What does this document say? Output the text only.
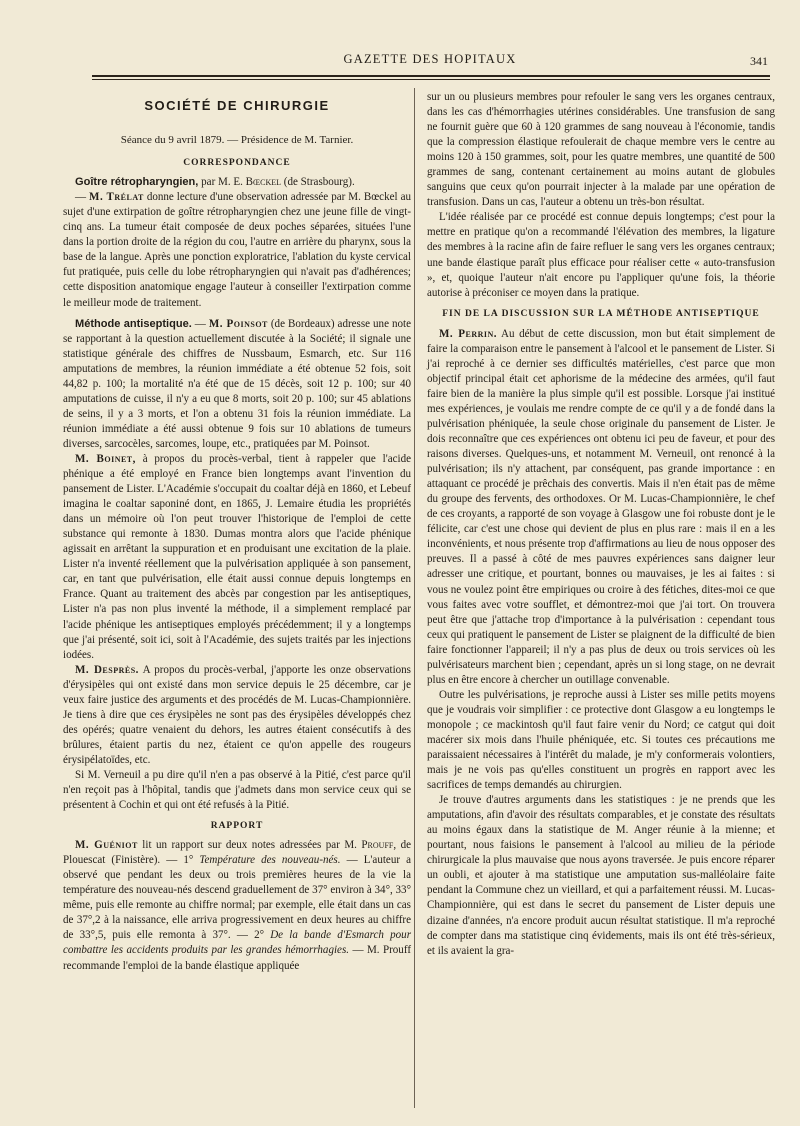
GAZETTE DES HOPITAUX	341
SOCIÉTÉ DE CHIRURGIE
Séance du 9 avril 1879. — Présidence de M. Tarnier.
CORRESPONDANCE

Goître rétropharyngien, par M. E. Bœckel (de Strasbourg).

— M. Trélat donne lecture d'une observation adressée par M. Bœckel au sujet d'une extirpation de goître rétropharyngien chez une jeune fille de vingt-cinq ans. La tumeur était composée de deux poches séparées, situées l'une dans la portion droite de la région du cou, l'autre en arrière du pharynx, sous la base de la langue. Après une ponction exploratrice, l'ablation du kyste cervical fut pratiquée, puis celle du lobe rétropharyngien qui n'avait pas d'adhérences; cette disposition anatomique engage l'auteur à conseiller l'extirpation comme le meilleur mode de traitement.

Méthode antiseptique. — M. Poinsot (de Bordeaux) adresse une note se rapportant à la question actuellement discutée à la Société; il signale une statistique générale des chiffres de Nussbaum, Esmarch, etc. Sur 116 amputations de membres, la réunion immédiate a été obtenue 52 fois, soit 44,82 p. 100; la mortalité n'a été que de 15 décès, soit 12 p. 100; sur 40 amputations de cuisse, il n'y a eu que 8 morts, soit 20 p. 100; sur 45 ablations de seins, il y a 3 morts, et l'on a obtenu 31 fois la réunion immédiate. La réunion immédiate a été aussi obtenue 9 fois sur 10 ablations de tumeurs diverses, sarcocèles, sarcomes, loupe, etc., pratiquées par M. Poinsot.

M. Boinet, à propos du procès-verbal, tient à rappeler que l'acide phénique a été employé en France bien longtemps avant l'invention du pansement de Lister. L'Académie s'occupait du coaltar déjà en 1860, et Lebeuf imagina le coaltar saponiné dont, en 1865, J. Lemaire étudia les propriétés dans un mémoire où l'on peut trouver l'historique de l'emploi de cette substance qui remonte à 1830. Dumas montra alors que l'acide phénique agissait en arrêtant la suppuration et en produisant une excitation de la plaie. Lister n'a inventé réellement que la pulvérisation appliquée à son pansement, car, en tant que pulvérisation, elle était aussi connue depuis longtemps en France. Quant au traitement des abcès par congestion par les antiseptiques, Lister n'a pas non plus inventé la méthode, il a simplement remplacé par l'acide phénique les antiseptiques employés précédemment; il y a longtemps que j'ai présenté, soit ici, soit à l'Académie, des sujets traités par les injections iodées.

M. Desprès. A propos du procès-verbal, j'apporte les onze observations d'érysipèles qui ont existé dans mon service depuis le 25 décembre, car je veux faire justice des arguments et des procédés de M. Lucas-Championnière. Je tiens à dire que ces érysipèles ne sont pas des érysipèles développés chez des opérés; quatre venaient du dehors, les autres étaient consécutifs à des brûlures, étaient partis du nez, étaient ce qu'on appelle des rougeurs érysipélatoïdes, etc.

Si M. Verneuil a pu dire qu'il n'en a pas observé à la Pitié, c'est parce qu'il n'en reçoit pas à l'hôpital, tandis que j'admets dans mon service ceux qui se présentent à Cochin et qui ont été refusés à la Pitié.

RAPPORT

M. Guéniot lit un rapport sur deux notes adressées par M. Prouff, de Plouescat (Finistère). — 1° Température des nouveau-nés. — L'auteur a observé que pendant les deux ou trois premières heures de la vie la température des nouveau-nés descend graduellement de 37° environ à 34°, 33° même, puis elle remonte au chiffre normal; par exemple, elle était dans un cas de 37°,2 à la naissance, elle arriva progressivement en deux heures au chiffre de 33°,5, puis elle remonta à 37°. — 2° De la bande d'Esmarch pour combattre les accidents produits par les grandes hémorrhagies. — M. Prouff recommande l'emploi de la bande élastique appliquée

sur un ou plusieurs membres pour refouler le sang vers les organes centraux, dans les cas d'hémorrhagies utérines considérables. Une transfusion de sang ne fournit guère que 60 à 120 grammes de sang nouveau à l'économie, tandis que la compression élastique refoulerait de chaque membre vers le centre au moins 120 à 150 grammes, soit, pour les quatre membres, une quantité de 500 grammes de sang, contenant certainement au moins autant de globules sanguins que ceux qu'on pourrait injecter à la malade par une opération de transfusion. Dans un cas, l'auteur a obtenu un très-bon résultat.

L'idée réalisée par ce procédé est connue depuis longtemps; c'est pour la mettre en pratique qu'on a recommandé l'élévation des membres, la ligature des membres à la racine afin de faire refluer le sang vers les organes centraux; une bande élastique paraît plus efficace pour réaliser cette « auto-transfusion », et, quoique l'auteur n'ait encore pu l'appliquer qu'une fois, la théorie autorise à préconiser ce moyen dans la pratique.

FIN DE LA DISCUSSION SUR LA MÉTHODE ANTISEPTIQUE

M. Perrin. Au début de cette discussion, mon but était simplement de faire la comparaison entre le pansement à l'alcool et le pansement de Lister. Si j'ai reproché à ce dernier ses difficultés matérielles, c'est parce que mon objectif principal était cet aphorisme de la médecine des armées, qu'il faut faire bien de la manière la plus simple qu'il est possible. Lorsque j'ai institué mes expériences, je voulais me rendre compte de ce qu'il y a de fondé dans la pulvérisation phéniquée, la seule chose originale du pansement de Lister. Je dois reconnaître que ces expériences ont obtenu ici peu de faveur, et pour des raisons diverses. Quelques-uns, et notamment M. Verneuil, ont renoncé à la pulvérisation; ils n'y attachent, par conséquent, pas grande importance : en attaquant ce procédé je prêchais des convertis. Mais il n'en était pas de même du groupe des fervents, des orthodoxes. Or M. Lucas-Championnière, le chef de ces croyants, a rapporté de son voyage à Glasgow une foi robuste dont je le félicite, car c'est une chose qui devient de plus en plus rare : mais il en a les inconvénients, et nous présente trop d'affirmations au lieu de nous opposer des preuves. Il a passé à côté de mes pauvres expériences sans daigner leur adresser une critique, et pourtant, bonnes ou mauvaises, je les ai faites : si vous ne voulez point être empiriques ou croire à des fétiches, dites-moi ce que vous faites avec votre soufflet, et démontrez-moi que j'ai tort. On trouvera peut être que j'attache trop d'importance à la pulvérisation : cependant tous ceux qui pratiquent le pansement de Lister se plaignent de la difficulté de bien faire fonctionner l'appareil; il n'y a pas plus de deux ou trois services où les pulvérisateurs marchent bien ; cependant, après un si long stage, on ne devrait plus en être encore à chercher un outillage convenable.

Outre les pulvérisations, je reproche aussi à Lister ses mille petits moyens que je voudrais voir simplifier : ce protective dont Glasgow a eu longtemps le monopole ; ce mackintosh qu'il faut faire venir du Nord; ce catgut qui doit macérer six mois dans l'huile phéniquée, etc. Si toutes ces précautions me paraissaient nécessaires à l'intérêt du malade, je m'y conformerais volontiers, mais je ne vois pas qu'elles constituent un progrès en rapport avec les sacrifices de temps demandés au chirurgien.

Je trouve d'autres arguments dans les statistiques : je ne prends que les amputations, afin d'avoir des résultats comparables, et je constate des résultats au moins égaux dans la statistique de M. Anger réunie à la mienne; et pourtant, nous faisions le pansement à l'alcool au milieu de la période chirurgicale la plus mauvaise que nous ayons traversée. Je puis encore réparer un oubli, et ajouter à ma statistique une amputation sus-malléolaire faite pendant la Commune chez un vieillard, et qui a parfaitement réussi. M. Lucas-Championnière, qui est dans le secret du pansement de Lister depuis une dizaine d'années, n'a encore produit aucun résultat statistique. Il m'a reproché de compter dans ma statistique cinq évidements, mais ils ont été très-sérieux, et ils avaient la gra-
